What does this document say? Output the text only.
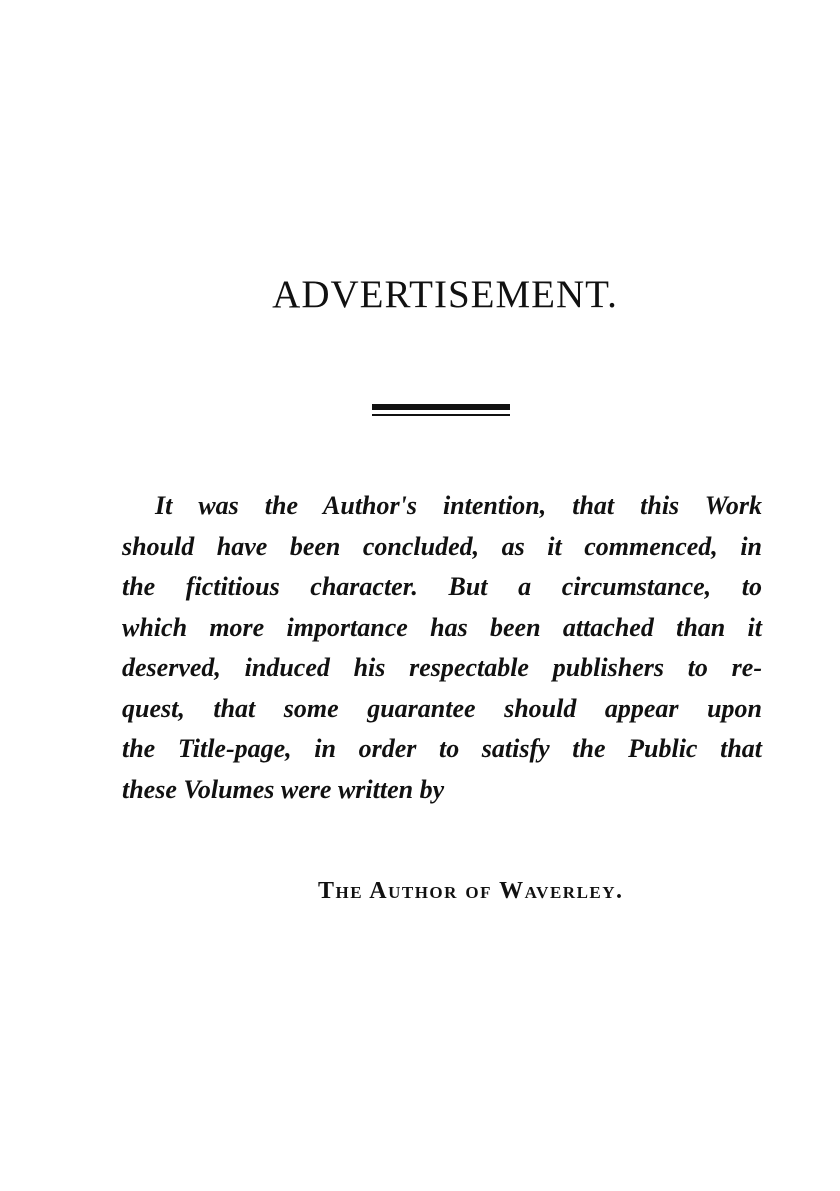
ADVERTISEMENT.

It was the Author's intention, that this Work
should have been concluded, as it commenced, in
the fictitious character. But a circumstance, to
which more importance has been attached than it
deserved, induced his respectable publishers to re-
quest, that some guarantee should appear upon
the Title-page, in order to satisfy the Public that
these Volumes were written by

The Author of Waverley.
